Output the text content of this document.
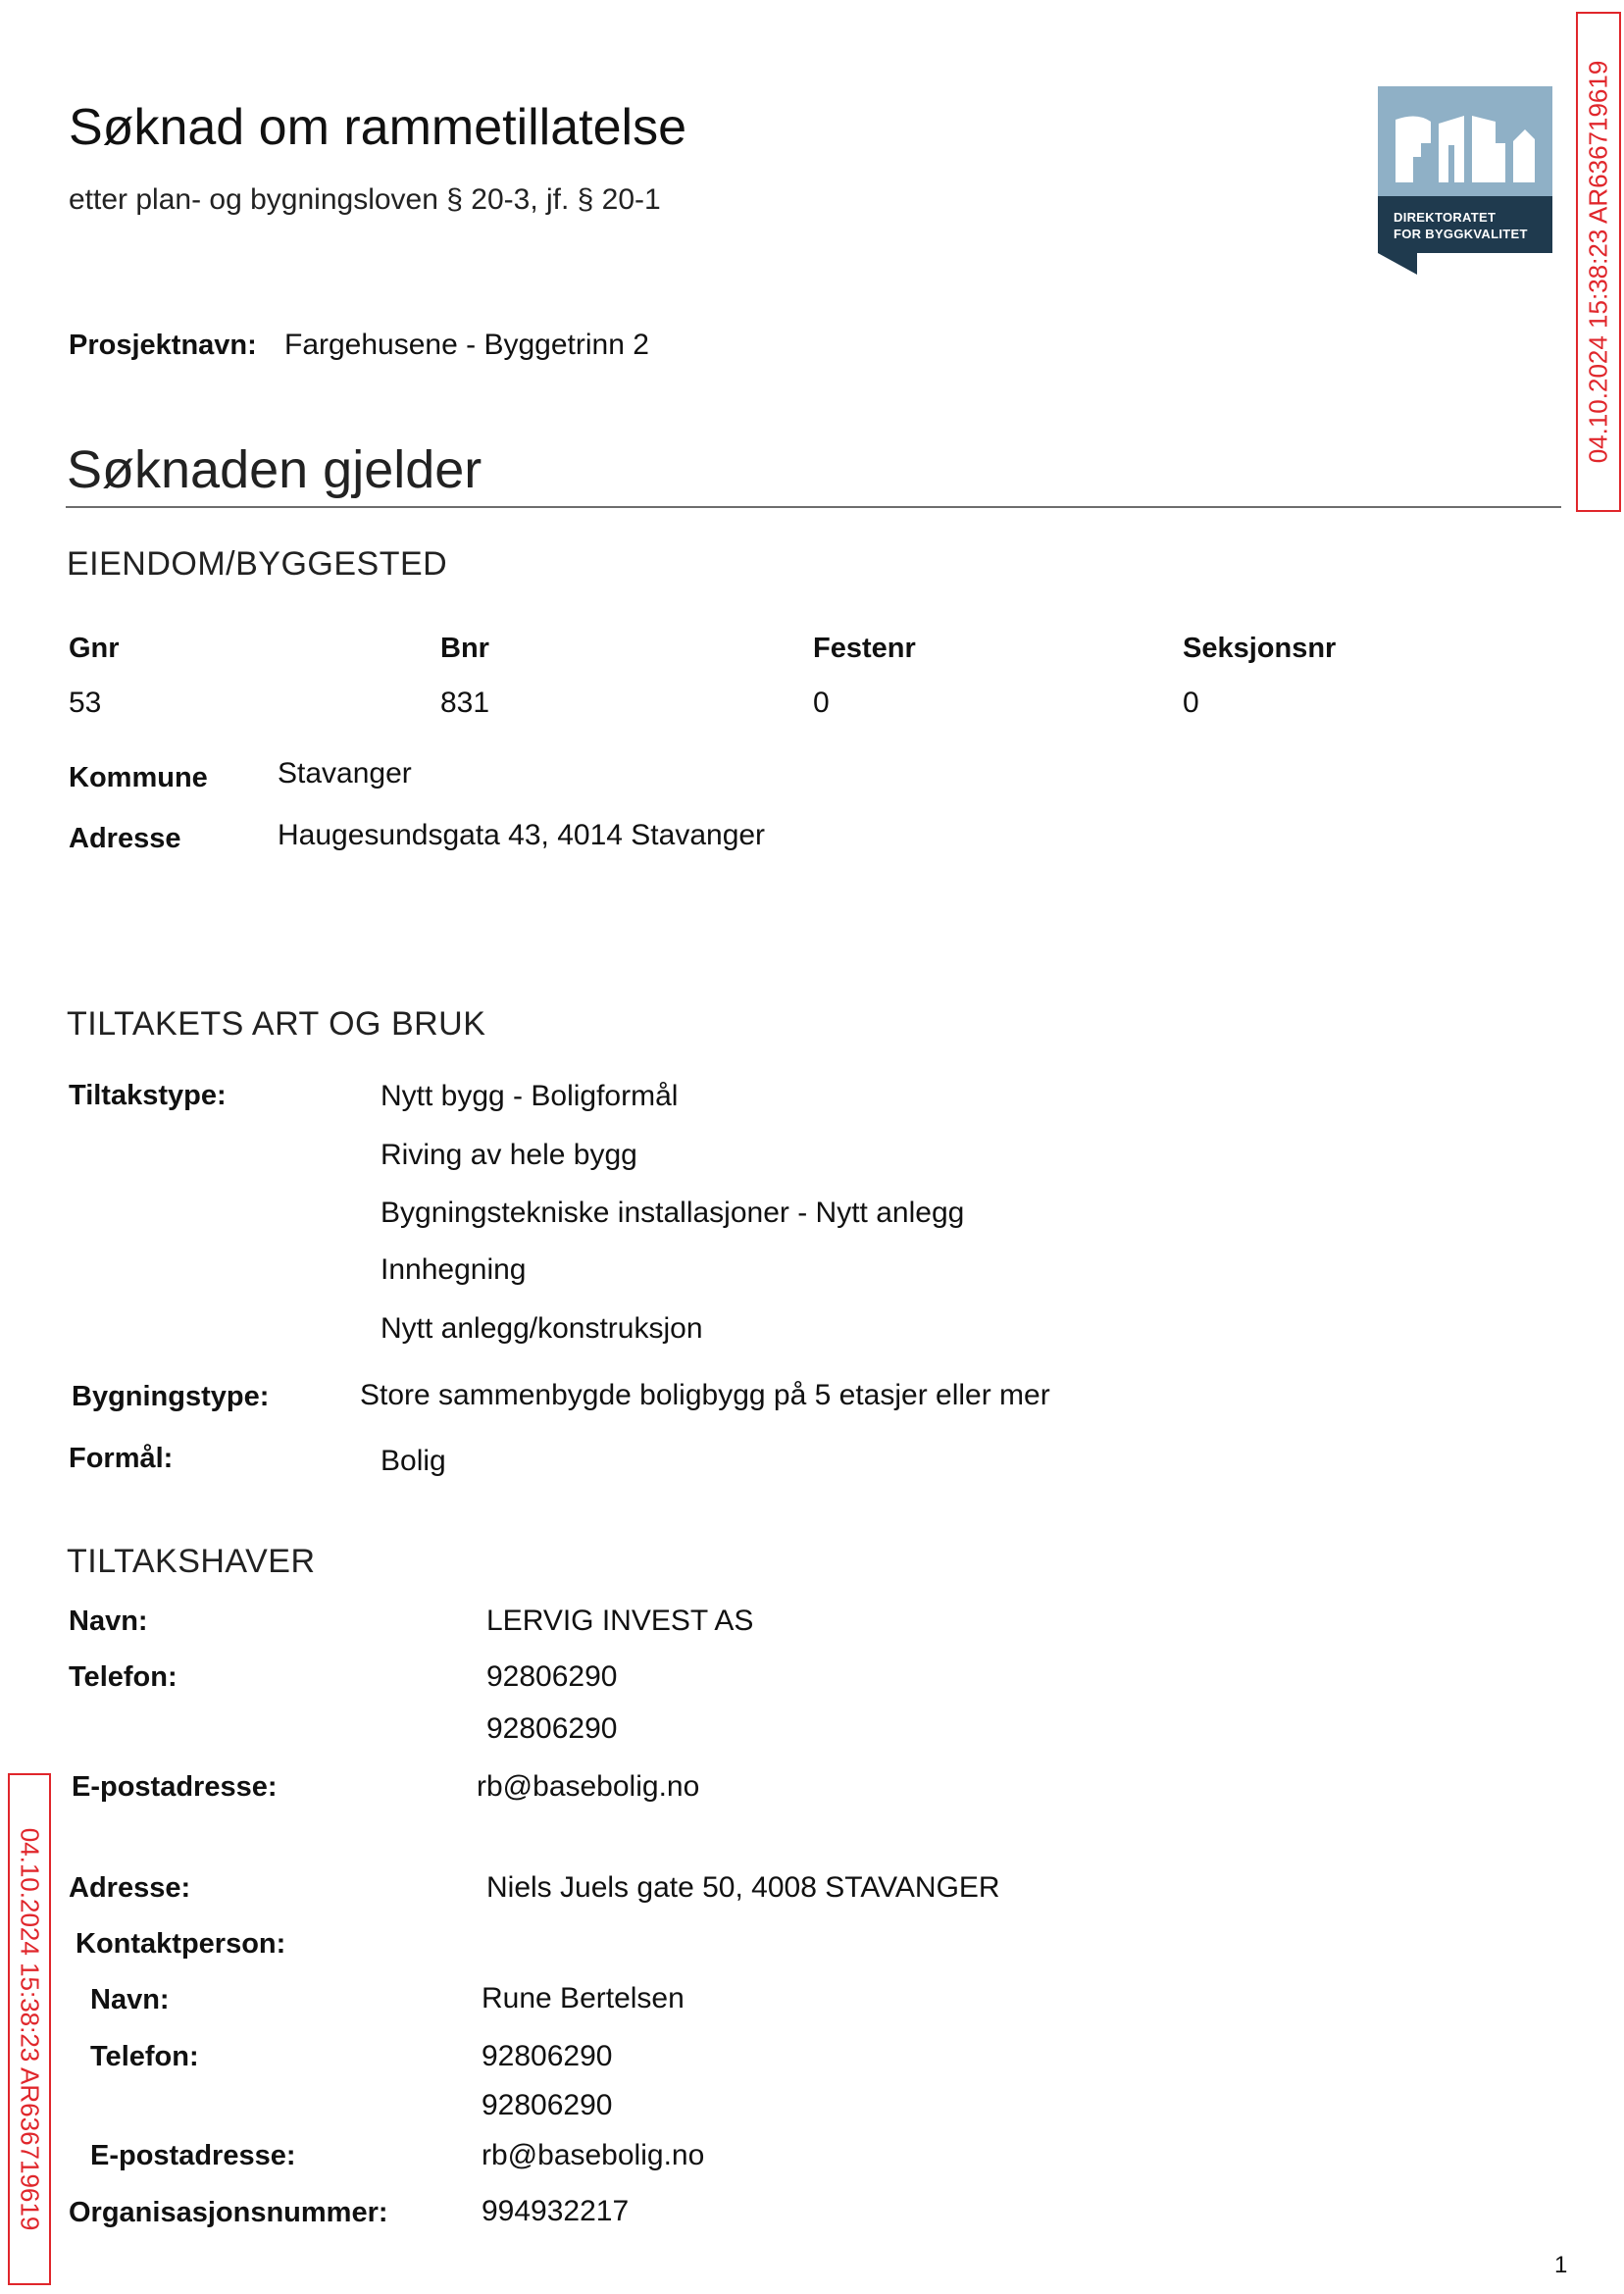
04.10.2024 15:38:23 AR636719619
04.10.2024 15:38:23 AR636719619
Søknad om rammetillatelse
etter plan- og bygningsloven § 20-3, jf. § 20-1
DIREKTORATET
FOR BYGGKVALITET
Prosjektnavn: Fargehusene - Byggetrinn 2
Søknaden gjelder
EIENDOM/BYGGESTED
Gnr	Bnr	Festenr	Seksjonsnr
53	831	0	0
Kommune Stavanger
Adresse	Haugesundsgata 43, 4014 Stavanger
TILTAKETS ART OG BRUK
Tiltakstype:	Nytt bygg - Boligformål
Riving av hele bygg
Bygningstekniske installasjoner - Nytt anlegg
Innhegning
Nytt anlegg/konstruksjon
Bygningstype:	Store sammenbygde boligbygg på 5 etasjer eller mer
Formål:	Bolig
TILTAKSHAVER
Navn:	LERVIG INVEST AS
Telefon:	92806290
92806290
E-postadresse:	rb@basebolig.no
Adresse:	Niels Juels gate 50, 4008 STAVANGER
Kontaktperson:
Navn:	Rune Bertelsen
Telefon:	92806290
92806290
E-postadresse:	rb@basebolig.no
Organisasjonsnummer:	994932217
1
